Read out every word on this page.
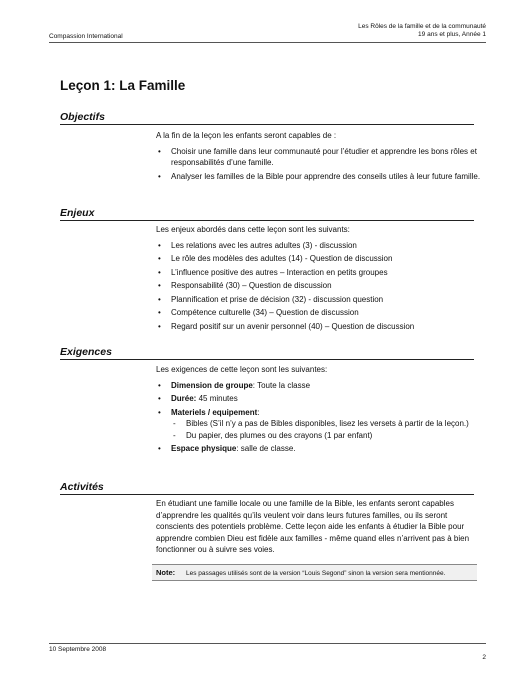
Les Rôles de la famille et de la communauté
19 ans et plus, Année 1
Compassion International
Leçon 1: La Famille
Objectifs

A la fin de la leçon les enfants seront capables de :

• Choisir une famille dans leur communauté pour l’étudier et apprendre les bons rôles et responsabilités d’une famille.
• Analyser les familles de la Bible pour apprendre des conseils utiles à leur future famille.
Enjeux

Les enjeux abordés dans cette leçon sont les suivants:

• Les relations avec les autres adultes (3) - discussion
• Le rôle des modèles des adultes (14) - Question de discussion
• L’influence positive des autres – Interaction en petits groupes
• Responsabilité (30) – Question de discussion
• Plannification et prise de décision (32) - discussion question
• Compétence culturelle (34) – Question de discussion
• Regard positif sur un avenir personnel (40) – Question de discussion
Exigences

Les exigences de cette leçon sont les suivantes:

• Dimension de groupe: Toute la classe
• Durée: 45 minutes
• Materiels / equipement:
- Bibles (S’il n’y a pas de Bibles disponibles, lisez les versets à partir de la leçon.)
- Du papier, des plumes ou des crayons (1 par enfant)
• Espace physique: salle de classe.
Activités

En étudiant une famille locale ou une famille de la Bible, les enfants seront capables d’apprendre les qualités qu’ils veulent voir dans leurs futures familles, ou ils seront conscients des potentiels problème. Cette leçon aide les enfants à étudier la Bible pour apprendre combien Dieu est fidèle aux familles - même quand elles n’arrivent pas à bien fonctionner ou à suivre ses voies.

Note: Les passages utilisés sont de la version “Louis Segond” sinon la version sera mentionnée.
10 Septembre 2008
2
